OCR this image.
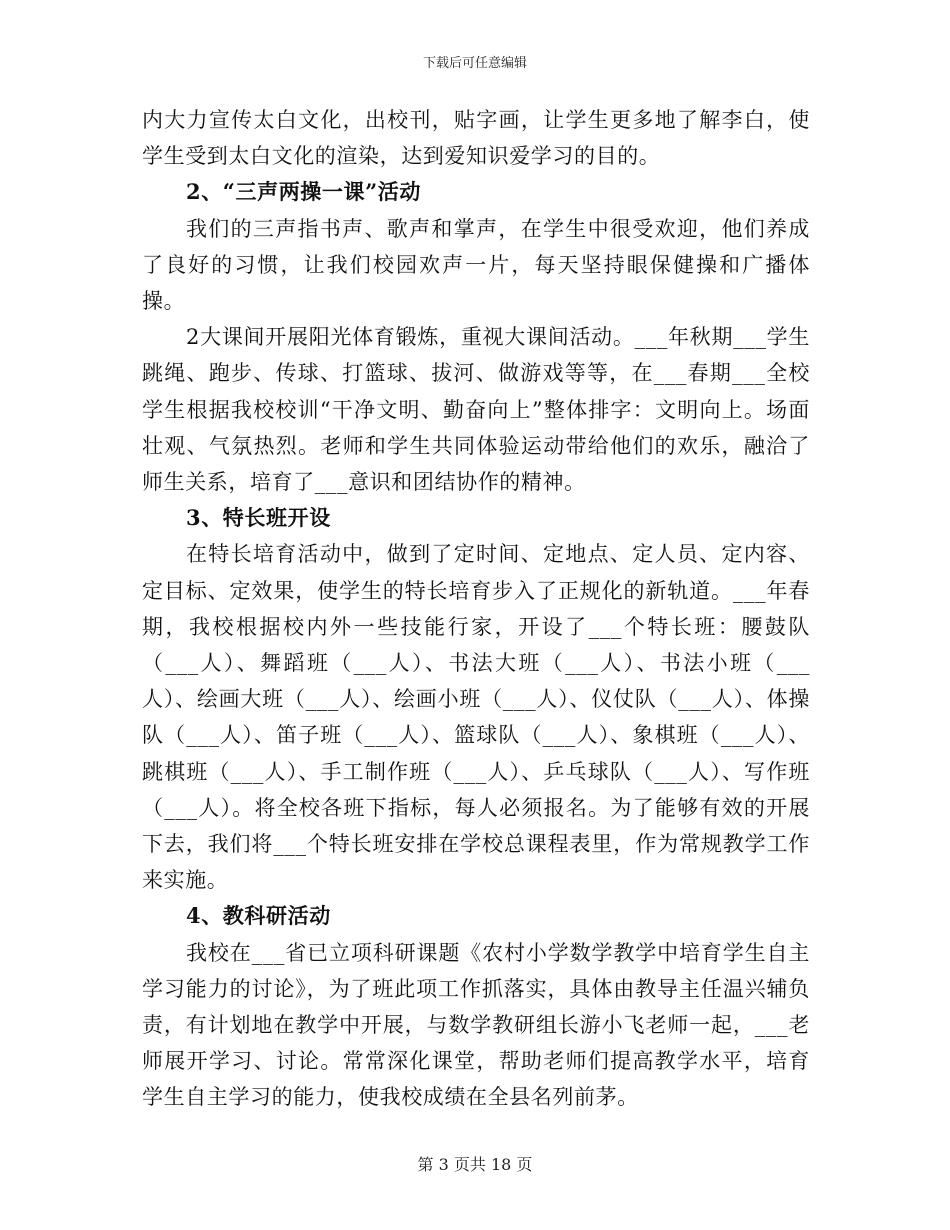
下载后可任意编辑

内大力宣传太白文化，出校刊，贴字画，让学生更多地了解李白，使学生受到太白文化的渲染，达到爱知识爱学习的目的。

2、“三声两操一课”活动

我们的三声指书声、歌声和掌声，在学生中很受欢迎，他们养成了良好的习惯，让我们校园欢声一片，每天坚持眼保健操和广播体操。

2大课间开展阳光体育锻炼，重视大课间活动。___年秋期___学生跳绳、跑步、传球、打篮球、拔河、做游戏等等，在___春期___全校学生根据我校校训“干净文明、勤奋向上”整体排字：文明向上。场面壮观、气氛热烈。老师和学生共同体验运动带给他们的欢乐，融洽了师生关系，培育了___意识和团结协作的精神。

3、特长班开设

在特长培育活动中，做到了定时间、定地点、定人员、定内容、定目标、定效果，使学生的特长培育步入了正规化的新轨道。___年春期，我校根据校内外一些技能行家，开设了___个特长班：腰鼓队（___人）、舞蹈班（___人）、书法大班（___人）、书法小班（___人）、绘画大班（___人）、绘画小班（___人）、仪仗队（___人）、体操队（___人）、笛子班（___人）、篮球队（___人）、象棋班（___人）、跳棋班（___人）、手工制作班（___人）、乒乓球队（___人）、写作班（___人）。将全校各班下指标，每人必须报名。为了能够有效的开展下去，我们将___个特长班安排在学校总课程表里，作为常规教学工作来实施。

4、教科研活动

我校在___省已立项科研课题《农村小学数学教学中培育学生自主学习能力的讨论》，为了班此项工作抓落实，具体由教导主任温兴辅负责，有计划地在教学中开展，与数学教研组长游小飞老师一起，___老师展开学习、讨论。常常深化课堂，帮助老师们提高教学水平，培育学生自主学习的能力，使我校成绩在全县名列前茅。

第 3 页共 18 页
